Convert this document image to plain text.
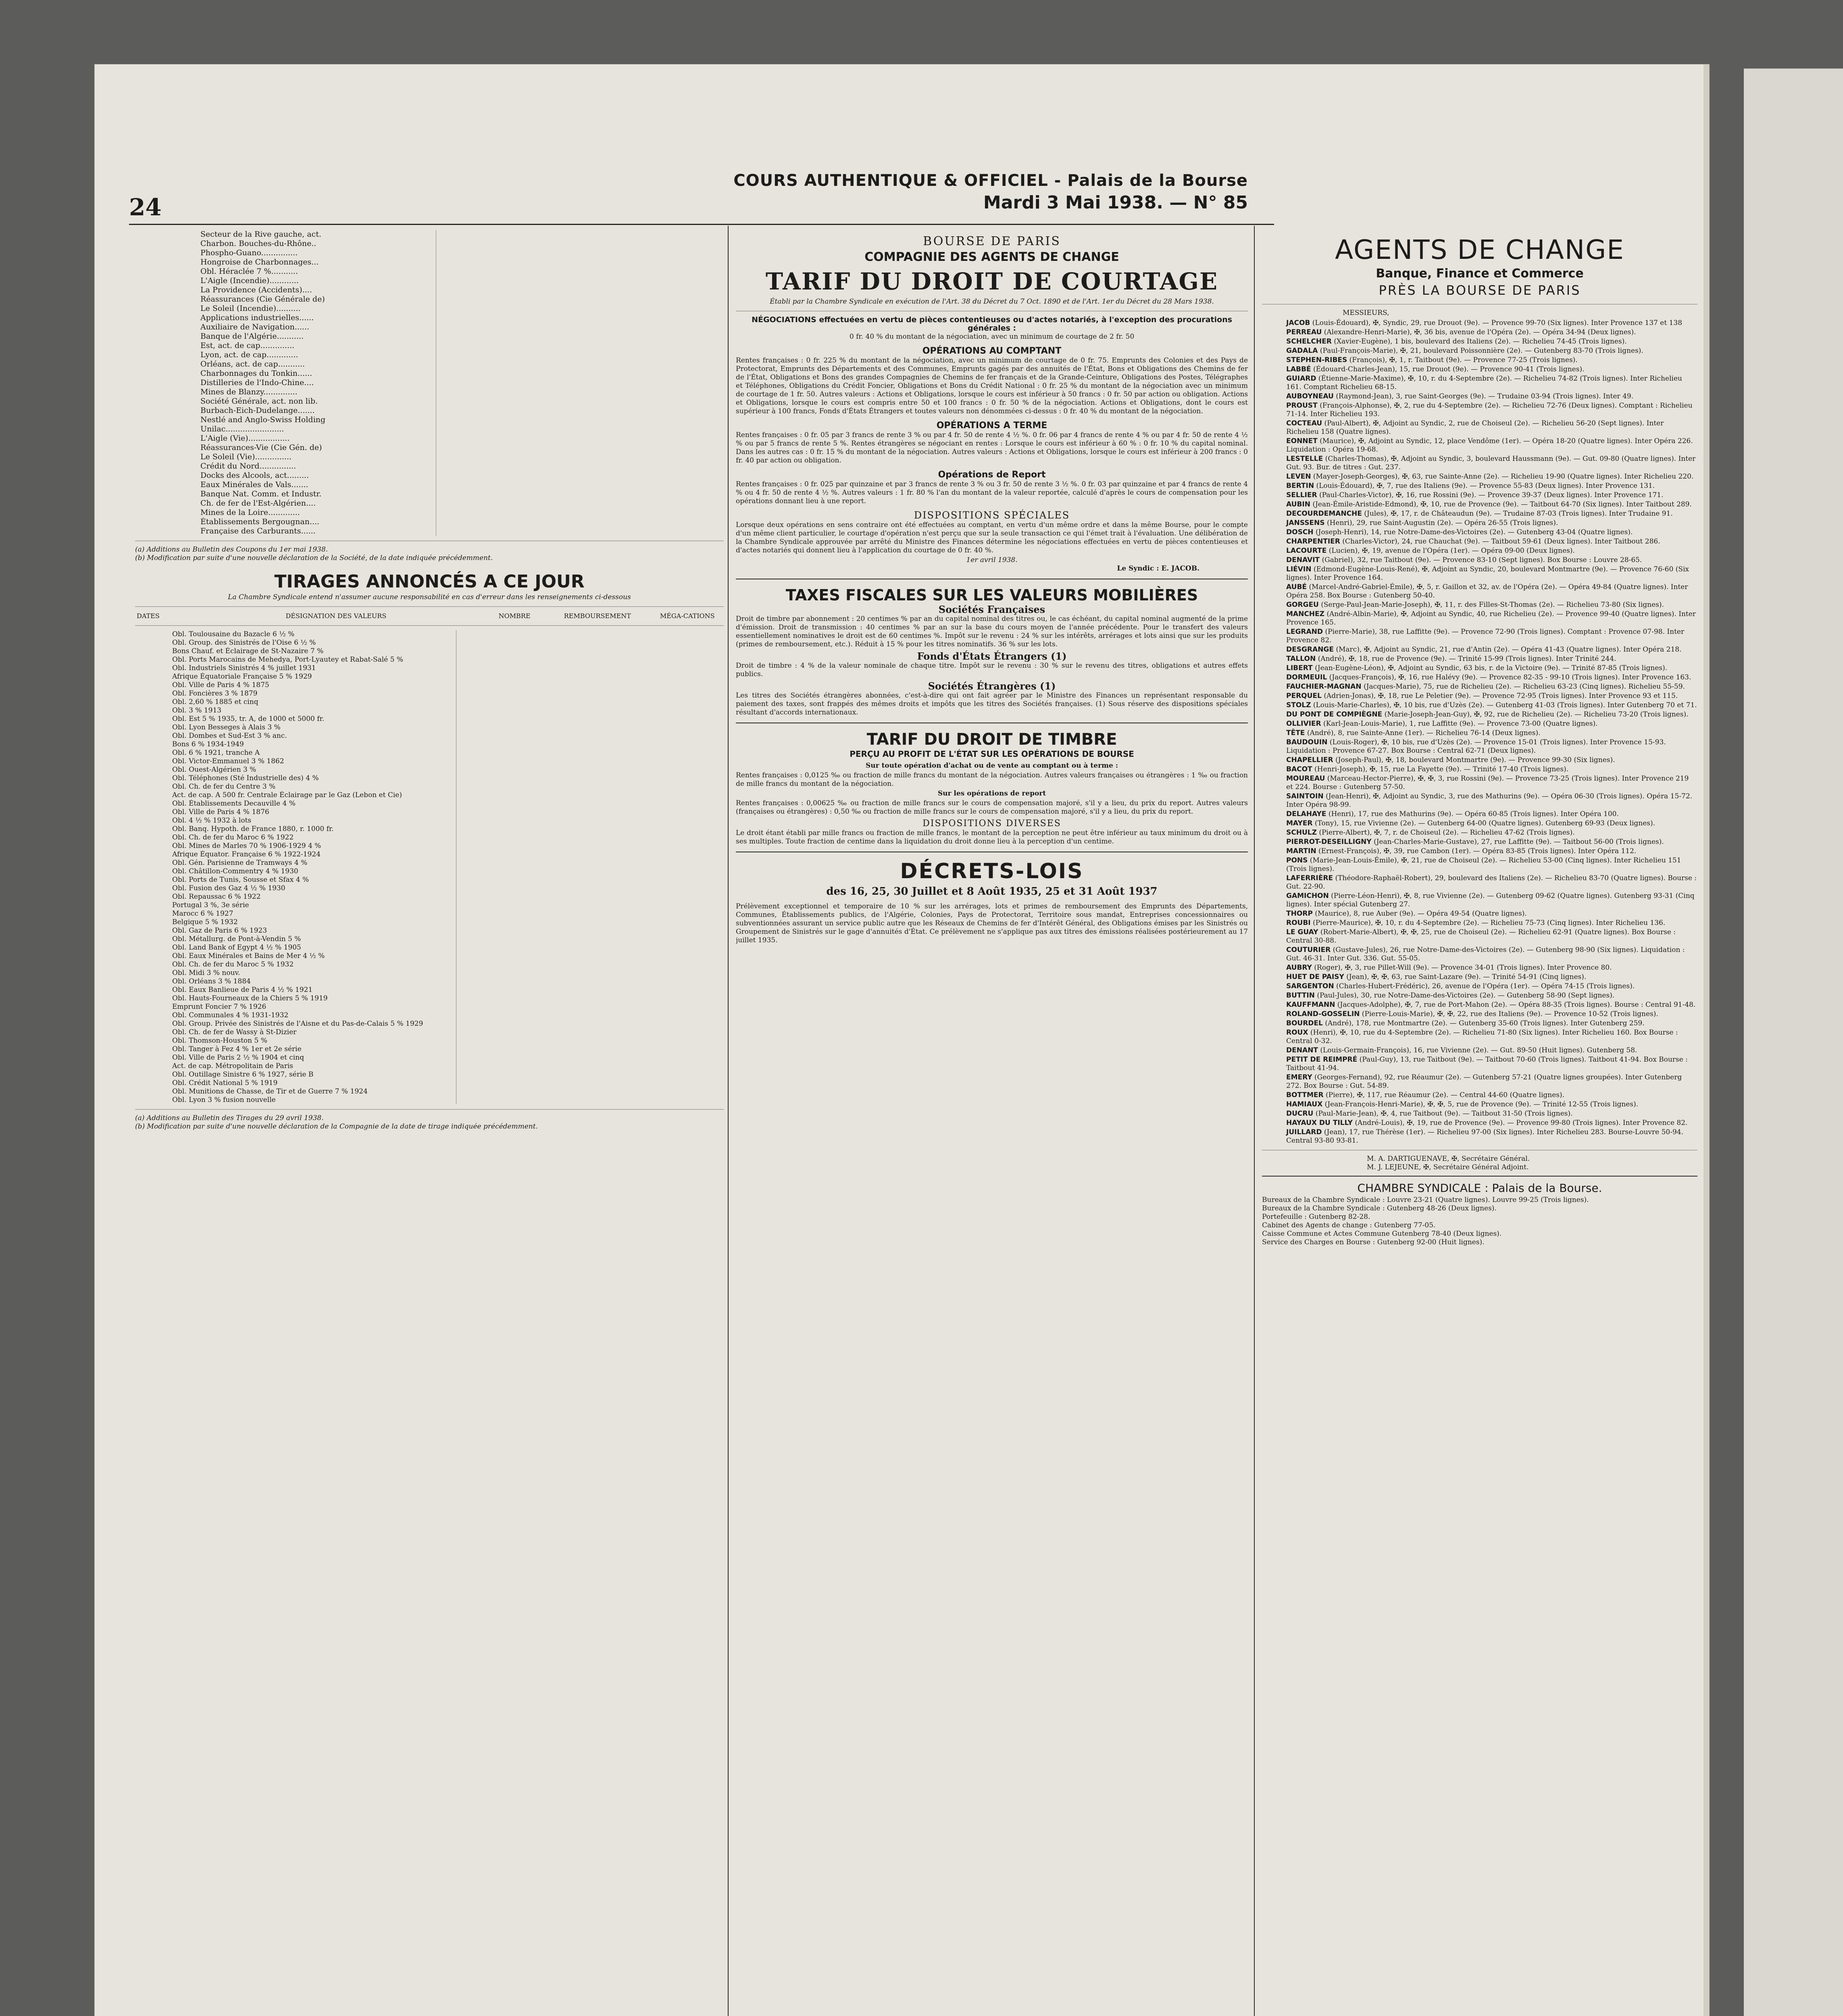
24
COURS AUTHENTIQUE & OFFICIEL - Palais de la Bourse
Mardi 3 Mai 1938. — N° 85
	Secteur de la Rive gauche, act.	
	Charbon. Bouches-du-Rhône..	
	Phospho-Guano...............	
	Hongroise de Charbonnages...	
	Obl. Héraclée 7 %...........	
	L'Aigle (Incendie)............	
	La Providence (Accidents)....	
	Réassurances (Cie Générale de)	
	Le Soleil (Incendie)..........	
	Applications industrielles......	
	Auxiliaire de Navigation......	
	Banque de l'Algérie...........	
	Est, act. de cap..............	
	Lyon, act. de cap.............	
	Orléans, act. de cap...........	
	Charbonnages du Tonkin......	
	Distilleries de l'Indo-Chine....	
	Mines de Blanzy..............	
	Société Générale, act. non lib.	
	Burbach-Eich-Dudelange.......	
	Nestlé and Anglo-Swiss Holding	
	Unilac........................	
	L'Aigle (Vie).................	
	Réassurances-Vie (Cie Gén. de)	
	Le Soleil (Vie)...............	
	Crédit du Nord...............	
	Docks des Alcools, act.........	
	Eaux Minérales de Vals.......	
	Banque Nat. Comm. et Industr.	
	Ch. de fer de l'Est-Algérien....	
	Mines de la Loire.............	
	Établissements Bergougnan....	
	Française des Carburants......	
(a) Additions au Bulletin des Coupons du 1er mai 1938.
(b) Modification par suite d'une nouvelle déclaration de la Société, de la date indiquée précédemment.
TIRAGES ANNONCÉS A CE JOUR
La Chambre Syndicale entend n'assumer aucune responsabilité en cas d'erreur dans les renseignements ci-dessous
DATES	DÉSIGNATION DES VALEURS	NOMBRE	REMBOURSEMENT	MÉGA-CATIONS
	Obl. Toulousaine du Bazacle 6 ½ %	
	Obl. Group. des Sinistrés de l'Oise 6 ½ %	
	Bons Chauf. et Éclairage de St-Nazaire 7 %	
	Obl. Ports Marocains de Mehedya, Port-Lyautey et Rabat-Salé 5 %	
	Obl. Industriels Sinistrés 4 % juillet 1931	
	Afrique Équatoriale Française 5 % 1929	
	Obl. Ville de Paris 4 % 1875	
	Obl. Foncières 3 % 1879	
	Obl. 2,60 % 1885 et cinq	
	Obl. 3 % 1913	
	Obl. Est 5 % 1935, tr. A, de 1000 et 5000 fr.	
	Obl. Lyon Besseges à Alais 3 %	
	Obl. Dombes et Sud-Est 3 % anc.	
	Bons 6 % 1934-1949	
	Obl. 6 % 1921, tranche A	
	Obl. Victor-Emmanuel 3 % 1862	
	Obl. Ouest-Algérien 3 %	
	Obl. Téléphones (Sté Industrielle des) 4 %	
	Obl. Ch. de fer du Centre 3 %	
	Act. de cap. A 500 fr. Centrale Éclairage par le Gaz (Lebon et Cie)	
	Obl. Établissements Decauville 4 %	
	Obl. Ville de Paris 4 % 1876	
	Obl. 4 ½ % 1932 à lots	
	Obl. Banq. Hypoth. de France 1880, r. 1000 fr.	
	Obl. Ch. de fer du Maroc 6 % 1922	
	Obl. Mines de Marles 70 % 1906-1929 4 %	
	Afrique Équator. Française 6 % 1922-1924	
	Obl. Gén. Parisienne de Tramways 4 %	
	Obl. Châtillon-Commentry 4 % 1930	
	Obl. Ports de Tunis, Sousse et Sfax 4 %	
	Obl. Fusion des Gaz 4 ½ % 1930	
	Obl. Repaussac 6 % 1922	
	Portugal 3 %, 3e série	
	Marocc 6 % 1927	
	Belgique 5 % 1932	
	Obl. Gaz de Paris 6 % 1923	
	Obl. Métallurg. de Pont-à-Vendin 5 %	
	Obl. Land Bank of Egypt 4 ½ % 1905	
	Obl. Eaux Minérales et Bains de Mer 4 ½ %	
	Obl. Ch. de fer du Maroc 5 % 1932	
	Obl. Midi 3 % nouv.	
	Obl. Orléans 3 % 1884	
	Obl. Eaux Banlieue de Paris 4 ½ % 1921	
	Obl. Hauts-Fourneaux de la Chiers 5 % 1919	
	Emprunt Foncier 7 % 1926	
	Obl. Communales 4 % 1931-1932	
	Obl. Group. Privée des Sinistrés de l'Aisne et du Pas-de-Calais 5 % 1929	
	Obl. Ch. de fer de Wassy à St-Dizier	
	Obl. Thomson-Houston 5 %	
	Obl. Tanger à Fez 4 % 1er et 2e série	
	Obl. Ville de Paris 2 ½ % 1904 et cinq	
	Act. de cap. Métropolitain de Paris	
	Obl. Outillage Sinistre 6 % 1927, série B	
	Obl. Crédit National 5 % 1919	
	Obl. Munitions de Chasse, de Tir et de Guerre 7 % 1924	
	Obl. Lyon 3 % fusion nouvelle	
(a) Additions au Bulletin des Tirages du 29 avril 1938.
(b) Modification par suite d'une nouvelle déclaration de la Compagnie de la date de tirage indiquée précédemment.
BOURSE DE PARIS
COMPAGNIE DES AGENTS DE CHANGE
TARIF DU DROIT DE COURTAGE
Établi par la Chambre Syndicale en exécution de l'Art. 38 du Décret du 7 Oct. 1890 et de l'Art. 1er du Décret du 28 Mars 1938.
NÉGOCIATIONS effectuées en vertu de pièces contentieuses ou d'actes notariés, à l'exception des procurations générales :
0 fr. 40 % du montant de la négociation, avec un minimum de courtage de 2 fr. 50
OPÉRATIONS AU COMPTANT
Rentes françaises : 0 fr. 225 % du montant de la négociation, avec un minimum de courtage de 0 fr. 75. Emprunts des Colonies et des Pays de Protectorat, Emprunts des Départements et des Communes, Emprunts gagés par des annuités de l'État, Bons et Obligations des Chemins de fer de l'État, Obligations et Bons des grandes Compagnies de Chemins de fer français et de la Grande-Ceinture, Obligations des Postes, Télégraphes et Téléphones, Obligations du Crédit Foncier, Obligations et Bons du Crédit National : 0 fr. 25 % du montant de la négociation avec un minimum de courtage de 1 fr. 50. Autres valeurs : Actions et Obligations, lorsque le cours est inférieur à 50 francs : 0 fr. 50 par action ou obligation. Actions et Obligations, lorsque le cours est compris entre 50 et 100 francs : 0 fr. 50 % de la négociation. Actions et Obligations, dont le cours est supérieur à 100 francs, Fonds d'États Étrangers et toutes valeurs non dénommées ci-dessus : 0 fr. 40 % du montant de la négociation.
OPÉRATIONS A TERME
Rentes françaises : 0 fr. 05 par 3 francs de rente 3 % ou par 4 fr. 50 de rente 4 ½ %. 0 fr. 06 par 4 francs de rente 4 % ou par 4 fr. 50 de rente 4 ½ % ou par 5 francs de rente 5 %. Rentes étrangères se négociant en rentes : Lorsque le cours est inférieur à 60 % : 0 fr. 10 % du capital nominal. Dans les autres cas : 0 fr. 15 % du montant de la négociation. Autres valeurs : Actions et Obligations, lorsque le cours est inférieur à 200 francs : 0 fr. 40 par action ou obligation.
Opérations de Report
Rentes françaises : 0 fr. 025 par quinzaine et par 3 francs de rente 3 % ou 3 fr. 50 de rente 3 ½ %. 0 fr. 03 par quinzaine et par 4 francs de rente 4 % ou 4 fr. 50 de rente 4 ½ %. Autres valeurs : 1 fr. 80 % l'an du montant de la valeur reportée, calculé d'après le cours de compensation pour les opérations donnant lieu à une report.
DISPOSITIONS SPÉCIALES
Lorsque deux opérations en sens contraire ont été effectuées au comptant, en vertu d'un même ordre et dans la même Bourse, pour le compte d'un même client particulier, le courtage d'opération n'est perçu que sur la seule transaction ce qui l'émet trait à l'évaluation. Une délibération de la Chambre Syndicale approuvée par arrêté du Ministre des Finances détermine les négociations effectuées en vertu de pièces contentieuses et d'actes notariés qui donnent lieu à l'application du courtage de 0 fr. 40 %.
1er avril 1938.
Le Syndic : E. JACOB.
TAXES FISCALES SUR LES VALEURS MOBILIÈRES
Sociétés Françaises
Droit de timbre par abonnement : 20 centimes % par an du capital nominal des titres ou, le cas échéant, du capital nominal augmenté de la prime d'émission. Droit de transmission : 40 centimes % par an sur la base du cours moyen de l'année précédente. Pour le transfert des valeurs essentiellement nominatives le droit est de 60 centimes %. Impôt sur le revenu : 24 % sur les intérêts, arrérages et lots ainsi que sur les produits (primes de remboursement, etc.). Réduit à 15 % pour les titres nominatifs. 36 % sur les lots.
Fonds d'États Étrangers (1)
Droit de timbre : 4 % de la valeur nominale de chaque titre. Impôt sur le revenu : 30 % sur le revenu des titres, obligations et autres effets publics.
Sociétés Étrangères (1)
Les titres des Sociétés étrangères abonnées, c'est-à-dire qui ont fait agréer par le Ministre des Finances un représentant responsable du paiement des taxes, sont frappés des mêmes droits et impôts que les titres des Sociétés françaises. (1) Sous réserve des dispositions spéciales résultant d'accords internationaux.
TARIF DU DROIT DE TIMBRE
PERÇU AU PROFIT DE L'ÉTAT SUR LES OPÉRATIONS DE BOURSE
Sur toute opération d'achat ou de vente au comptant ou à terme :
Rentes françaises : 0,0125 ‰ ou fraction de mille francs du montant de la négociation. Autres valeurs françaises ou étrangères : 1 ‰ ou fraction de mille francs du montant de la négociation.
Sur les opérations de report
Rentes françaises : 0,00625 ‰ ou fraction de mille francs sur le cours de compensation majoré, s'il y a lieu, du prix du report. Autres valeurs (françaises ou étrangères) : 0,50 ‰ ou fraction de mille francs sur le cours de compensation majoré, s'il y a lieu, du prix du report.
DISPOSITIONS DIVERSES
Le droit étant établi par mille francs ou fraction de mille francs, le montant de la perception ne peut être inférieur au taux minimum du droit ou à ses multiples. Toute fraction de centime dans la liquidation du droit donne lieu à la perception d'un centime.
DÉCRETS-LOIS
des 16, 25, 30 Juillet et 8 Août 1935, 25 et 31 Août 1937
Prélèvement exceptionnel et temporaire de 10 % sur les arrérages, lots et primes de remboursement des Emprunts des Départements, Communes, Établissements publics, de l'Algérie, Colonies, Pays de Protectorat, Territoire sous mandat, Entreprises concessionnaires ou subventionnées assurant un service public autre que les Réseaux de Chemins de fer d'Intérêt Général, des Obligations émises par les Sinistrés ou Groupement de Sinistrés sur le gage d'annuités d'État. Ce prélèvement ne s'applique pas aux titres des émissions réalisées postérieurement au 17 juillet 1935.
AGENTS DE CHANGE
Banque, Finance et Commerce
PRÈS LA BOURSE DE PARIS
MESSIEURS,
JACOB (Louis-Édouard), ✠, Syndic, 29, rue Drouot (9e). — Provence 99-70 (Six lignes). Inter Provence 137 et 138
PERREAU (Alexandre-Henri-Marie), ✠, 36 bis, avenue de l'Opéra (2e). — Opéra 34-94 (Deux lignes).
SCHELCHER (Xavier-Eugène), 1 bis, boulevard des Italiens (2e). — Richelieu 74-45 (Trois lignes).
GADALA (Paul-François-Marie), ✠, 21, boulevard Poissonnière (2e). — Gutenberg 83-70 (Trois lignes).
STEPHEN-RIBES (François), ✠, 1, r. Taitbout (9e). — Provence 77-25 (Trois lignes).
LABBÉ (Édouard-Charles-Jean), 15, rue Drouot (9e). — Provence 90-41 (Trois lignes).
GUIARD (Étienne-Marie-Maxime), ✠, 10, r. du 4-Septembre (2e). — Richelieu 74-82 (Trois lignes). Inter Richelieu 161. Comptant Richelieu 68-15.
AUBOYNEAU (Raymond-Jean), 3, rue Saint-Georges (9e). — Trudaine 03-94 (Trois lignes). Inter 49.
PROUST (François-Alphonse), ✠, 2, rue du 4-Septembre (2e). — Richelieu 72-76 (Deux lignes). Comptant : Richelieu 71-14. Inter Richelieu 193.
COCTEAU (Paul-Albert), ✠, Adjoint au Syndic, 2, rue de Choiseul (2e). — Richelieu 56-20 (Sept lignes). Inter Richelieu 158 (Quatre lignes).
EONNET (Maurice), ✠, Adjoint au Syndic, 12, place Vendôme (1er). — Opéra 18-20 (Quatre lignes). Inter Opéra 226. Liquidation : Opéra 19-68.
LESTELLE (Charles-Thomas), ✠, Adjoint au Syndic, 3, boulevard Haussmann (9e). — Gut. 09-80 (Quatre lignes). Inter Gut. 93. Bur. de titres : Gut. 237.
LEVEN (Mayer-Joseph-Georges), ✠, 63, rue Sainte-Anne (2e). — Richelieu 19-90 (Quatre lignes). Inter Richelieu 220.
BERTIN (Louis-Édouard), ✠, 7, rue des Italiens (9e). — Provence 55-83 (Deux lignes). Inter Provence 131.
SELLIER (Paul-Charles-Victor), ✠, 16, rue Rossini (9e). — Provence 39-37 (Deux lignes). Inter Provence 171.
AUBIN (Jean-Émile-Aristide-Edmond), ✠, 10, rue de Provence (9e). — Taitbout 64-70 (Six lignes). Inter Taitbout 289.
DECOURDEMANCHE (Jules), ✠, 17, r. de Châteaudun (9e). — Trudaine 87-03 (Trois lignes). Inter Trudaine 91.
JANSSENS (Henri), 29, rue Saint-Augustin (2e). — Opéra 26-55 (Trois lignes).
DOSCH (Joseph-Henri), 14, rue Notre-Dame-des-Victoires (2e). — Gutenberg 43-04 (Quatre lignes).
CHARPENTIER (Charles-Victor), 24, rue Chauchat (9e). — Taitbout 59-61 (Deux lignes). Inter Taitbout 286.
LACOURTE (Lucien), ✠, 19, avenue de l'Opéra (1er). — Opéra 09-00 (Deux lignes).
DENAVIT (Gabriel), 32, rue Taitbout (9e). — Provence 83-10 (Sept lignes). Box Bourse : Louvre 28-65.
LIÉVIN (Edmond-Eugène-Louis-René), ✠, Adjoint au Syndic, 20, boulevard Montmartre (9e). — Provence 76-60 (Six lignes). Inter Provence 164.
AUBÉ (Marcel-André-Gabriel-Émile), ✠, 5, r. Gaillon et 32, av. de l'Opéra (2e). — Opéra 49-84 (Quatre lignes). Inter Opéra 258. Box Bourse : Gutenberg 50-40.
GORGEU (Serge-Paul-Jean-Marie-Joseph), ✠, 11, r. des Filles-St-Thomas (2e). — Richelieu 73-80 (Six lignes).
MANCHEZ (André-Albin-Marie), ✠, Adjoint au Syndic, 40, rue Richelieu (2e). — Provence 99-40 (Quatre lignes). Inter Provence 165.
LEGRAND (Pierre-Marie), 38, rue Laffitte (9e). — Provence 72-90 (Trois lignes). Comptant : Provence 07-98. Inter Provence 82.
DESGRANGE (Marc), ✠, Adjoint au Syndic, 21, rue d'Antin (2e). — Opéra 41-43 (Quatre lignes). Inter Opéra 218.
TALLON (André), ✠, 18, rue de Provence (9e). — Trinité 15-99 (Trois lignes). Inter Trinité 244.
LIBERT (Jean-Eugène-Léon), ✠, Adjoint au Syndic, 63 bis, r. de la Victoire (9e). — Trinité 87-85 (Trois lignes).
DORMEUIL (Jacques-François), ✠, 16, rue Halévy (9e). — Provence 82-35 - 99-10 (Trois lignes). Inter Provence 163.
FAUCHIER-MAGNAN (Jacques-Marie), 75, rue de Richelieu (2e). — Richelieu 63-23 (Cinq lignes). Richelieu 55-59.
PERQUEL (Adrien-Jonas), ✠, 18, rue Le Peletier (9e). — Provence 72-95 (Trois lignes). Inter Provence 93 et 115.
STOLZ (Louis-Marie-Charles), ✠, 10 bis, rue d'Uzès (2e). — Gutenberg 41-03 (Trois lignes). Inter Gutenberg 70 et 71.
DU PONT DE COMPIÈGNE (Marie-Joseph-Jean-Guy), ✠, 92, rue de Richelieu (2e). — Richelieu 73-20 (Trois lignes).
OLLIVIER (Karl-Jean-Louis-Marie), 1, rue Laffitte (9e). — Provence 73-00 (Quatre lignes).
TÊTE (André), 8, rue Sainte-Anne (1er). — Richelieu 76-14 (Deux lignes).
BAUDOUIN (Louis-Roger), ✠, 10 bis, rue d'Uzès (2e). — Provence 15-01 (Trois lignes). Inter Provence 15-93. Liquidation : Provence 67-27. Box Bourse : Central 62-71 (Deux lignes).
CHAPELLIER (Joseph-Paul), ✠, 18, boulevard Montmartre (9e). — Provence 99-30 (Six lignes).
BACOT (Henri-Joseph), ✠, 15, rue La Fayette (9e). — Trinité 17-40 (Trois lignes).
MOUREAU (Marceau-Hector-Pierre), ✠, ✠, 3, rue Rossini (9e). — Provence 73-25 (Trois lignes). Inter Provence 219 et 224. Bourse : Gutenberg 57-50.
SAINTOIN (Jean-Henri), ✠, Adjoint au Syndic, 3, rue des Mathurins (9e). — Opéra 06-30 (Trois lignes). Opéra 15-72. Inter Opéra 98-99.
DELAHAYE (Henri), 17, rue des Mathurins (9e). — Opéra 60-85 (Trois lignes). Inter Opéra 100.
MAYER (Tony), 15, rue Vivienne (2e). — Gutenberg 64-00 (Quatre lignes). Gutenberg 69-93 (Deux lignes).
SCHULZ (Pierre-Albert), ✠, 7, r. de Choiseul (2e). — Richelieu 47-62 (Trois lignes).
PIERROT-DESEILLIGNY (Jean-Charles-Marie-Gustave), 27, rue Laffitte (9e). — Taitbout 56-00 (Trois lignes).
MARTIN (Ernest-François), ✠, 39, rue Cambon (1er). — Opéra 83-85 (Trois lignes). Inter Opéra 112.
PONS (Marie-Jean-Louis-Émile), ✠, 21, rue de Choiseul (2e). — Richelieu 53-00 (Cinq lignes). Inter Richelieu 151 (Trois lignes).
LAFERRIÈRE (Théodore-Raphaël-Robert), 29, boulevard des Italiens (2e). — Richelieu 83-70 (Quatre lignes). Bourse : Gut. 22-90.
GAMICHON (Pierre-Léon-Henri), ✠, 8, rue Vivienne (2e). — Gutenberg 09-62 (Quatre lignes). Gutenberg 93-31 (Cinq lignes). Inter spécial Gutenberg 27.
THORP (Maurice), 8, rue Auber (9e). — Opéra 49-54 (Quatre lignes).
ROUBI (Pierre-Maurice), ✠, 10, r. du 4-Septembre (2e). — Richelieu 75-73 (Cinq lignes). Inter Richelieu 136.
LE GUAY (Robert-Marie-Albert), ✠, ✠, 25, rue de Choiseul (2e). — Richelieu 62-91 (Quatre lignes). Box Bourse : Central 30-88.
COUTURIER (Gustave-Jules), 26, rue Notre-Dame-des-Victoires (2e). — Gutenberg 98-90 (Six lignes). Liquidation : Gut. 46-31. Inter Gut. 336. Gut. 55-05.
AUBRY (Roger), ✠, 3, rue Pillet-Will (9e). — Provence 34-01 (Trois lignes). Inter Provence 80.
HUET DE PAISY (Jean), ✠, ✠, 63, rue Saint-Lazare (9e). — Trinité 54-91 (Cinq lignes).
SARGENTON (Charles-Hubert-Frédéric), 26, avenue de l'Opéra (1er). — Opéra 74-15 (Trois lignes).
BUTTIN (Paul-Jules), 30, rue Notre-Dame-des-Victoires (2e). — Gutenberg 58-90 (Sept lignes).
KAUFFMANN (Jacques-Adolphe), ✠, 7, rue de Port-Mahon (2e). — Opéra 88-35 (Trois lignes). Bourse : Central 91-48.
ROLAND-GOSSELIN (Pierre-Louis-Marie), ✠, ✠, 22, rue des Italiens (9e). — Provence 10-52 (Trois lignes).
BOURDEL (André), 178, rue Montmartre (2e). — Gutenberg 35-60 (Trois lignes). Inter Gutenberg 259.
ROUX (Henri), ✠, 10, rue du 4-Septembre (2e). — Richelieu 71-80 (Six lignes). Inter Richelieu 160. Box Bourse : Central 0-32.
DENANT (Louis-Germain-François), 16, rue Vivienne (2e). — Gut. 89-50 (Huit lignes). Gutenberg 58.
PETIT DE REIMPRÉ (Paul-Guy), 13, rue Taitbout (9e). — Taitbout 70-60 (Trois lignes). Taitbout 41-94. Box Bourse : Taitbout 41-94.
EMERY (Georges-Fernand), 92, rue Réaumur (2e). — Gutenberg 57-21 (Quatre lignes groupées). Inter Gutenberg 272. Box Bourse : Gut. 54-89.
BOTTMER (Pierre), ✠, 117, rue Réaumur (2e). — Central 44-60 (Quatre lignes).
HAMIAUX (Jean-François-Henri-Marie), ✠, ✠, 5, rue de Provence (9e). — Trinité 12-55 (Trois lignes).
DUCRU (Paul-Marie-Jean), ✠, 4, rue Taitbout (9e). — Taitbout 31-50 (Trois lignes).
HAYAUX DU TILLY (André-Louis), ✠, 19, rue de Provence (9e). — Provence 99-80 (Trois lignes). Inter Provence 82.
JUILLARD (Jean), 17, rue Thérèse (1er). — Richelieu 97-00 (Six lignes). Inter Richelieu 283. Bourse-Louvre 50-94. Central 93-80 93-81.
M. A. DARTIGUENAVE, ✠, Secrétaire Général.
M. J. LEJEUNE, ✠, Secrétaire Général Adjoint.
CHAMBRE SYNDICALE : Palais de la Bourse.
Bureaux de la Chambre Syndicale : Louvre 23-21 (Quatre lignes). Louvre 99-25 (Trois lignes).
Bureaux de la Chambre Syndicale : Gutenberg 48-26 (Deux lignes).
Portefeuille : Gutenberg 82-28.
Cabinet des Agents de change : Gutenberg 77-05.
Caisse Commune et Actes Commune Gutenberg 78-40 (Deux lignes).
Service des Charges en Bourse : Gutenberg 92-00 (Huit lignes).
